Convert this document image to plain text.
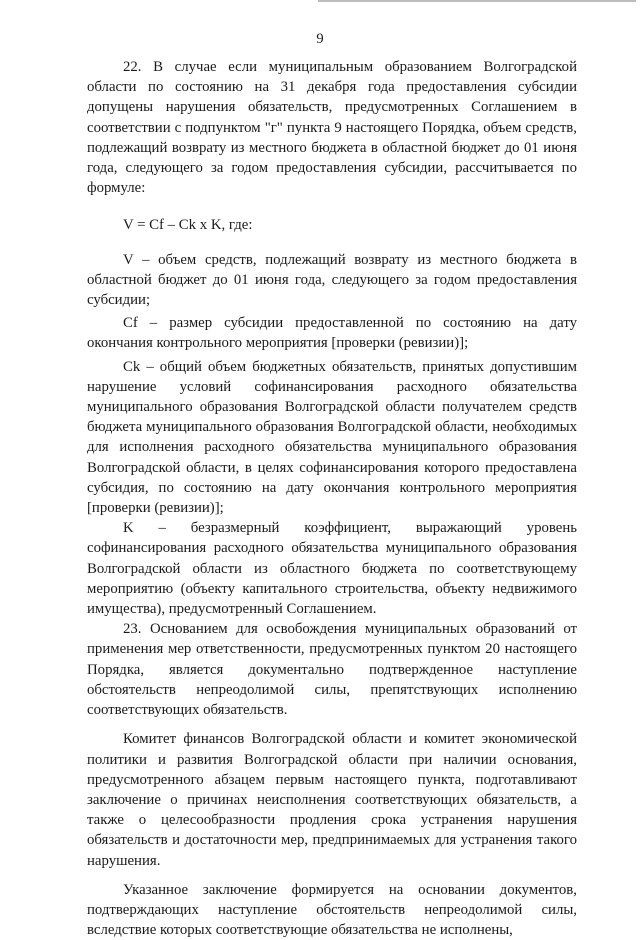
9

22. В случае если муниципальным образованием Волгоградской области по состоянию на 31 декабря года предоставления субсидии допущены нарушения обязательств, предусмотренных Соглашением в соответствии с подпунктом "г" пункта 9 настоящего Порядка, объем средств, подлежащий возврату из местного бюджета в областной бюджет до 01 июня года, следующего за годом предоставления субсидии, рассчитывается по формуле:

V = Cf – Ck x K, где:

V – объем средств, подлежащий возврату из местного бюджета в областной бюджет до 01 июня года, следующего за годом предоставления субсидии;

Cf – размер субсидии предоставленной по состоянию на дату окончания контрольного мероприятия [проверки (ревизии)];

Ck – общий объем бюджетных обязательств, принятых допустившим нарушение условий софинансирования расходного обязательства муниципального образования Волгоградской области получателем средств бюджета муниципального образования Волгоградской области, необходимых для исполнения расходного обязательства муниципального образования Волгоградской области, в целях софинансирования которого предоставлена субсидия, по состоянию на дату окончания контрольного мероприятия [проверки (ревизии)];

K – безразмерный коэффициент, выражающий уровень софинансирования расходного обязательства муниципального образования Волгоградской области из областного бюджета по соответствующему мероприятию (объекту капитального строительства, объекту недвижимого имущества), предусмотренный Соглашением.

23. Основанием для освобождения муниципальных образований от применения мер ответственности, предусмотренных пунктом 20 настоящего Порядка, является документально подтвержденное наступление обстоятельств непреодолимой силы, препятствующих исполнению соответствующих обязательств.

Комитет финансов Волгоградской области и комитет экономической политики и развития Волгоградской области при наличии основания, предусмотренного абзацем первым настоящего пункта, подготавливают заключение о причинах неисполнения соответствующих обязательств, а также о целесообразности продления срока устранения нарушения обязательств и достаточности мер, предпринимаемых для устранения такого нарушения.

Указанное заключение формируется на основании документов, подтверждающих наступление обстоятельств непреодолимой силы, вследствие которых соответствующие обязательства не исполнены,
